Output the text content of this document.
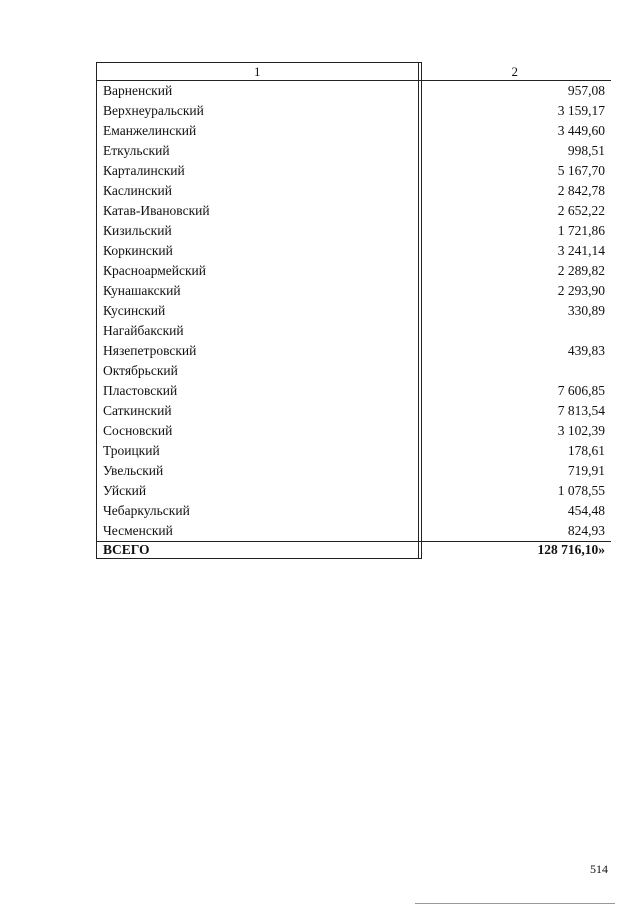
1	2
Варненский	957,08
Верхнеуральский	3 159,17
Еманжелинский	3 449,60
Еткульский	998,51
Карталинский	5 167,70
Каслинский	2 842,78
Катав-Ивановский	2 652,22
Кизильский	1 721,86
Коркинский	3 241,14
Красноармейский	2 289,82
Кунашакский	2 293,90
Кусинский	330,89
Нагайбакский	
Нязепетровский	439,83
Октябрьский	
Пластовский	7 606,85
Саткинский	7 813,54
Сосновский	3 102,39
Троицкий	178,61
Увельский	719,91
Уйский	1 078,55
Чебаркульский	454,48
Чесменский	824,93
ВСЕГО	128 716,10»
514
